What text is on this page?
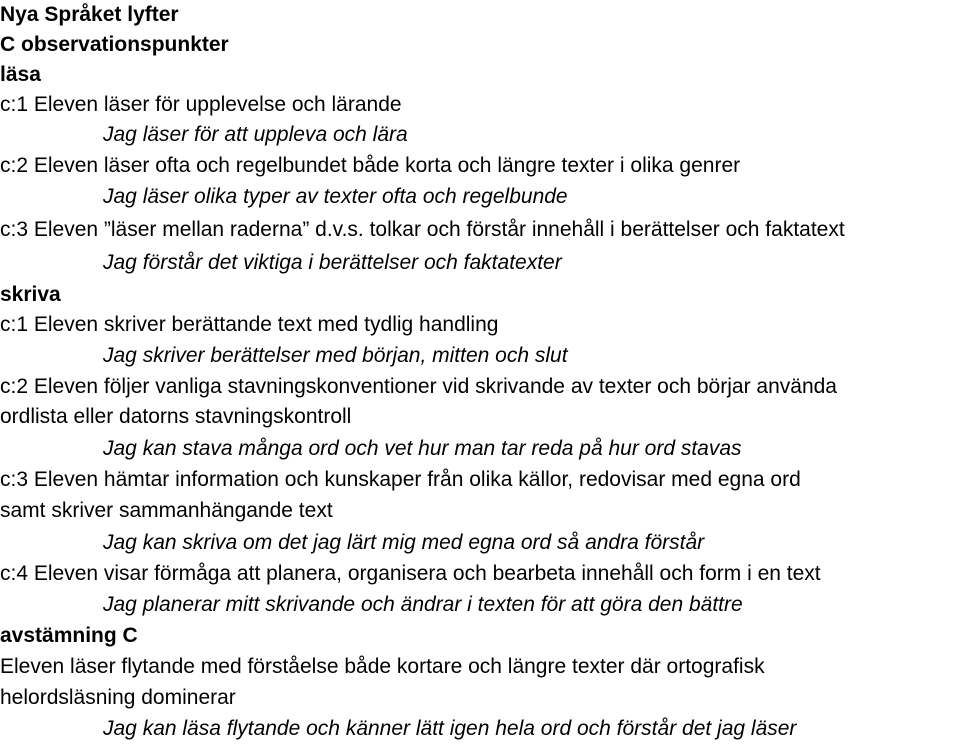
Nya Språket lyfter
C observationspunkter
läsa
c:1 Eleven läser för upplevelse och lärande
Jag läser för att uppleva och lära
c:2 Eleven läser ofta och regelbundet både korta och längre texter i olika genrer
Jag läser olika typer av texter ofta och regelbunde
c:3 Eleven ”läser mellan raderna” d.v.s. tolkar och förstår innehåll i berättelser och faktatext
Jag förstår det viktiga i berättelser och faktatexter
skriva
c:1 Eleven skriver berättande text med tydlig handling
Jag skriver berättelser med början, mitten och slut
c:2 Eleven följer vanliga stavningskonventioner vid skrivande av texter och börjar använda
ordlista eller datorns stavningskontroll
Jag kan stava många ord och vet hur man tar reda på hur ord stavas
c:3 Eleven hämtar information och kunskaper från olika källor, redovisar med egna ord
samt skriver sammanhängande text
Jag kan skriva om det jag lärt mig med egna ord så andra förstår
c:4 Eleven visar förmåga att planera, organisera och bearbeta innehåll och form i en text
Jag planerar mitt skrivande och ändrar i texten för att göra den bättre
avstämning C
Eleven läser flytande med förståelse både kortare och längre texter där ortografisk
helordsläsning dominerar
Jag kan läsa flytande och känner lätt igen hela ord och förstår det jag läser
